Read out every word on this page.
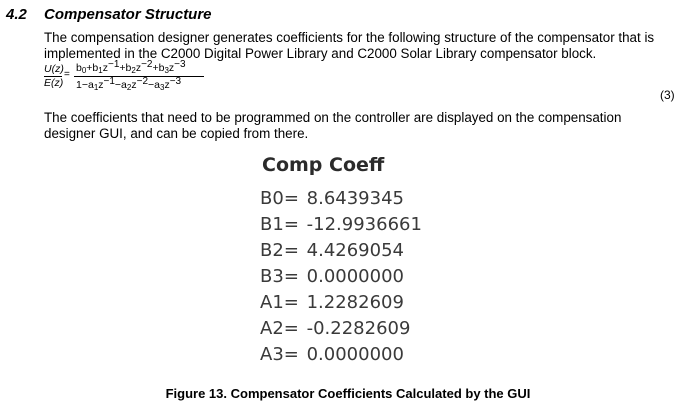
4.2 Compensator Structure
The compensation designer generates coefficients for the following structure of the compensator that is implemented in the C2000 Digital Power Library and C2000 Solar Library compensator block.
U(z)
E(z)
=
$b_0+b_1z^{-1}+b_2z^{-2}+b_3z^{-3}$
$1-a_1z^{-1}-a_2z^{-2}-a_3z^{-3}$
(3)
The coefficients that need to be programmed on the controller are displayed on the compensation designer GUI, and can be copied from there.
Comp Coeff
B0= 8.6439345
B1= -12.9936661
B2= 4.4269054
B3= 0.0000000
A1= 1.2282609
A2= -0.2282609
A3= 0.0000000
Figure 13. Compensator Coefficients Calculated by the GUI
